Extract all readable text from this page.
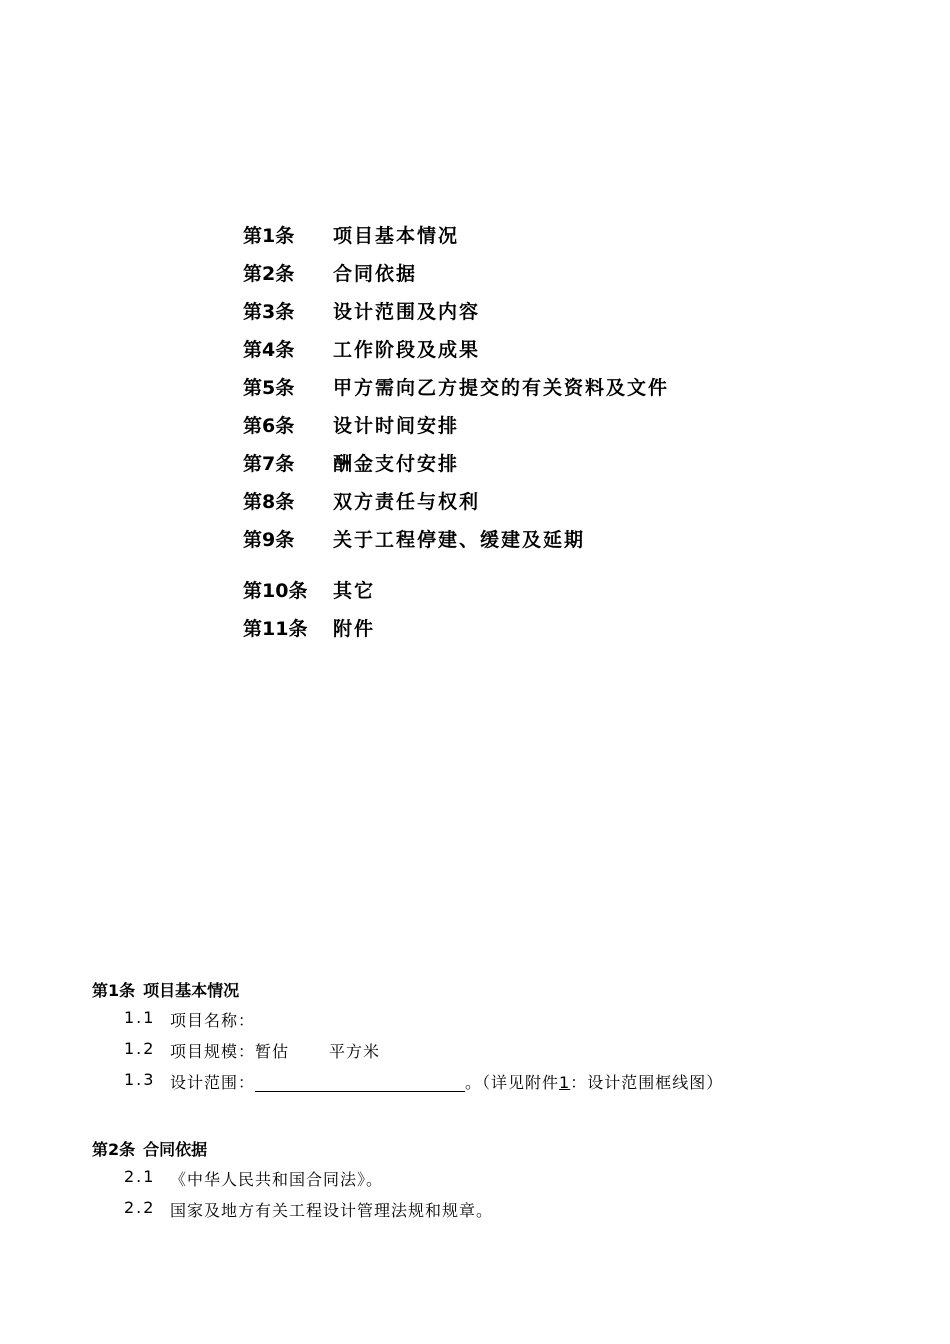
第1条 项目基本情况
第2条 合同依据
第3条 设计范围及内容
第4条 工作阶段及成果
第5条 甲方需向乙方提交的有关资料及文件
第6条 设计时间安排
第7条 酬金支付安排
第8条 双方责任与权利
第9条 关于工程停建、缓建及延期
第10条 其它
第11条 附件
第1条 项目基本情况
1.1 项目名称：
1.2 项目规模：暂估	平方米
1.3 设计范围：	。（详见附件1：设计范围框线图）
第2条 合同依据
2.1 《中华人民共和国合同法》。
2.2 国家及地方有关工程设计管理法规和规章。
